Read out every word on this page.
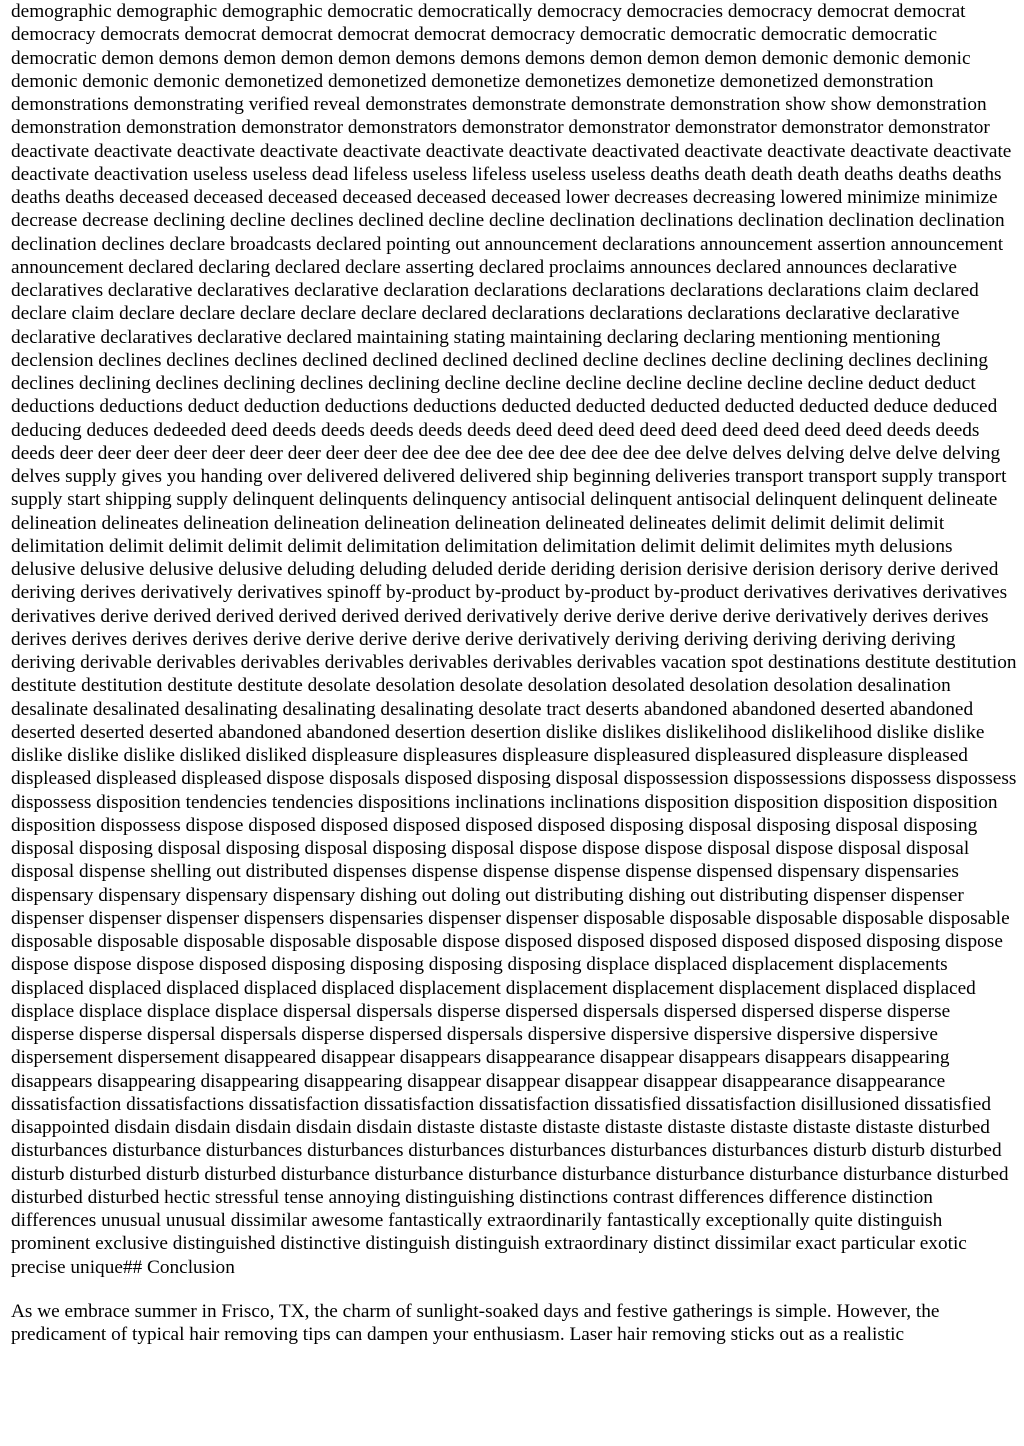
demographic demographic demographic democratic democratically democracy democracies democracy democrat democrat democracy democrats democrat democrat democrat democrat democracy democratic democratic democratic democratic democratic demon demons demon demon demon demons demons demons demon demon demon demonic demonic demonic demonic demonic demonic demonetized demonetized demonetize demonetizes demonetize demonetized demonstration demonstrations demonstrating verified reveal demonstrates demonstrate demonstrate demonstration show show demonstration demonstration demonstration demonstrator demonstrators demonstrator demonstrator demonstrator demonstrator demonstrator deactivate deactivate deactivate deactivate deactivate deactivate deactivate deactivated deactivate deactivate deactivate deactivate deactivate deactivation useless useless dead lifeless useless lifeless useless useless deaths death death death deaths deaths deaths deaths deaths deceased deceased deceased deceased deceased deceased lower decreases decreasing lowered minimize minimize decrease decrease declining decline declines declined decline decline declination declinations declination declination declination declination declines declare broadcasts declared pointing out announcement declarations announcement assertion announcement announcement declared declaring declared declare asserting declared proclaims announces declared announces declarative declaratives declarative declaratives declarative declaration declarations declarations declarations declarations claim declared declare claim declare declare declare declare declare declared declarations declarations declarations declarative declarative declarative declaratives declarative declared maintaining stating maintaining declaring declaring mentioning mentioning declension declines declines declines declined declined declined declined decline declines decline declining declines declining declines declining declines declining declines declining decline decline decline decline decline decline decline deduct deduct deductions deductions deduct deduction deductions deductions deducted deducted deducted deducted deducted deduce deduced deducing deduces dedeeded deed deeds deeds deeds deeds deeds deed deed deed deed deed deed deed deed deed deeds deeds deeds deer deer deer deer deer deer deer deer deer dee dee dee dee dee dee dee dee dee delve delves delving delve delve delving delves supply gives you handing over delivered delivered delivered ship beginning deliveries transport transport supply transport supply start shipping supply delinquent delinquents delinquency antisocial delinquent antisocial delinquent delinquent delineate delineation delineates delineation delineation delineation delineation delineated delineates delimit delimit delimit delimit delimitation delimit delimit delimit delimit delimitation delimitation delimitation delimit delimit delimites myth delusions delusive delusive delusive delusive deluding deluding deluded deride deriding derision derisive derision derisory derive derived deriving derives derivatively derivatives spinoff by-product by-product by-product by-product derivatives derivatives derivatives derivatives derive derived derived derived derived derived derivatively derive derive derive derive derivatively derives derives derives derives derives derives derive derive derive derive derive derivatively deriving deriving deriving deriving deriving deriving derivable derivables derivables derivables derivables derivables derivables vacation spot destinations destitute destitution destitute destitution destitute destitute desolate desolation desolate desolation desolated desolation desolation desalination desalinate desalinated desalinating desalinating desalinating desolate tract deserts abandoned abandoned deserted abandoned deserted deserted deserted abandoned abandoned desertion desertion dislike dislikes dislikelihood dislikelihood dislike dislike dislike dislike dislike disliked disliked displeasure displeasures displeasure displeasured displeasured displeasure displeased displeased displeased displeased dispose disposals disposed disposing disposal dispossession dispossessions dispossess dispossess dispossess disposition tendencies tendencies dispositions inclinations inclinations disposition disposition disposition disposition disposition dispossess dispose disposed disposed disposed disposed disposed disposing disposal disposing disposal disposing disposal disposing disposal disposing disposal disposing disposal dispose dispose dispose disposal dispose disposal disposal disposal dispense shelling out distributed dispenses dispense dispense dispense dispense dispensed dispensary dispensaries dispensary dispensary dispensary dispensary dishing out doling out distributing dishing out distributing dispenser dispenser dispenser dispenser dispenser dispensers dispensaries dispenser dispenser disposable disposable disposable disposable disposable disposable disposable disposable disposable disposable dispose disposed disposed disposed disposed disposed disposing dispose dispose dispose dispose disposed disposing disposing disposing disposing displace displaced displacement displacements displaced displaced displaced displaced displaced displacement displacement displacement displacement displaced displaced displace displace displace displace dispersal dispersals disperse dispersed dispersals dispersed dispersed disperse disperse disperse disperse dispersal dispersals disperse dispersed dispersals dispersive dispersive dispersive dispersive dispersive dispersement dispersement disappeared disappear disappears disappearance disappear disappears disappears disappearing disappears disappearing disappearing disappearing disappear disappear disappear disappear disappearance disappearance dissatisfaction dissatisfactions dissatisfaction dissatisfaction dissatisfaction dissatisfied dissatisfaction disillusioned dissatisfied disappointed disdain disdain disdain disdain disdain distaste distaste distaste distaste distaste distaste distaste distaste disturbed disturbances disturbance disturbances disturbances disturbances disturbances disturbances disturbances disturb disturb disturbed disturb disturbed disturb disturbed disturbance disturbance disturbance disturbance disturbance disturbance disturbance disturbed disturbed disturbed hectic stressful tense annoying distinguishing distinctions contrast differences difference distinction differences unusual unusual dissimilar awesome fantastically extraordinarily fantastically exceptionally quite distinguish prominent exclusive distinguished distinctive distinguish distinguish extraordinary distinct dissimilar exact particular exotic precise unique## Conclusion

As we embrace summer in Frisco, TX, the charm of sunlight-soaked days and festive gatherings is simple. However, the predicament of typical hair removing tips can dampen your enthusiasm. Laser hair removing sticks out as a realistic
